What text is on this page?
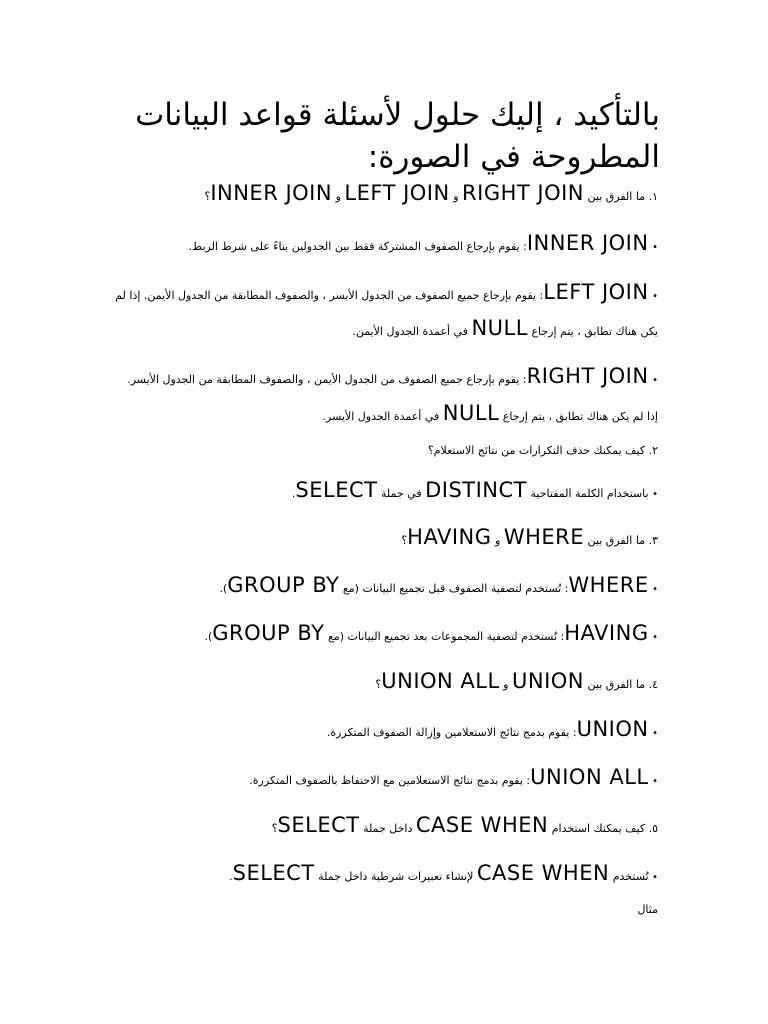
بالتأكيد ، إليك حلول لأسئلة قواعد البيانات
المطروحة في الصورة:
١. ما الفرق بين RIGHT JOIN و LEFT JOIN و INNER JOIN؟
• INNER JOIN: يقوم بإرجاع الصفوف المشتركة فقط بين الجدولين بناءً على شرط الربط.
• LEFT JOIN: يقوم بإرجاع جميع الصفوف من الجدول الأيسر ، والصفوف المطابقة من الجدول الأيمن. إذا لم
يكن هناك تطابق ، يتم إرجاع NULL في أعمدة الجدول الأيمن.
• RIGHT JOIN: يقوم بإرجاع جميع الصفوف من الجدول الأيمن ، والصفوف المطابقة من الجدول الأيسر.
إذا لم يكن هناك تطابق ، يتم إرجاع NULL في أعمدة الجدول الأيسر.
٢. كيف يمكنك حذف التكرارات من نتائج الاستعلام؟
• باستخدام الكلمة المفتاحية DISTINCT في جملة SELECT.
٣. ما الفرق بين WHERE و HAVING؟
• WHERE: تُستخدم لتصفية الصفوف قبل تجميع البيانات (مع GROUP BY).
• HAVING: تُستخدم لتصفية المجموعات بعد تجميع البيانات (مع GROUP BY).
٤. ما الفرق بين UNION و UNION ALL؟
• UNION: يقوم بدمج نتائج الاستعلامين وإزالة الصفوف المتكررة.
• UNION ALL: يقوم بدمج نتائج الاستعلامين مع الاحتفاظ بالصفوف المتكررة.
٥. كيف يمكنك استخدام CASE WHEN داخل جملة SELECT؟
• تُستخدم CASE WHEN لإنشاء تعبيرات شرطية داخل جملة SELECT.
مثال
